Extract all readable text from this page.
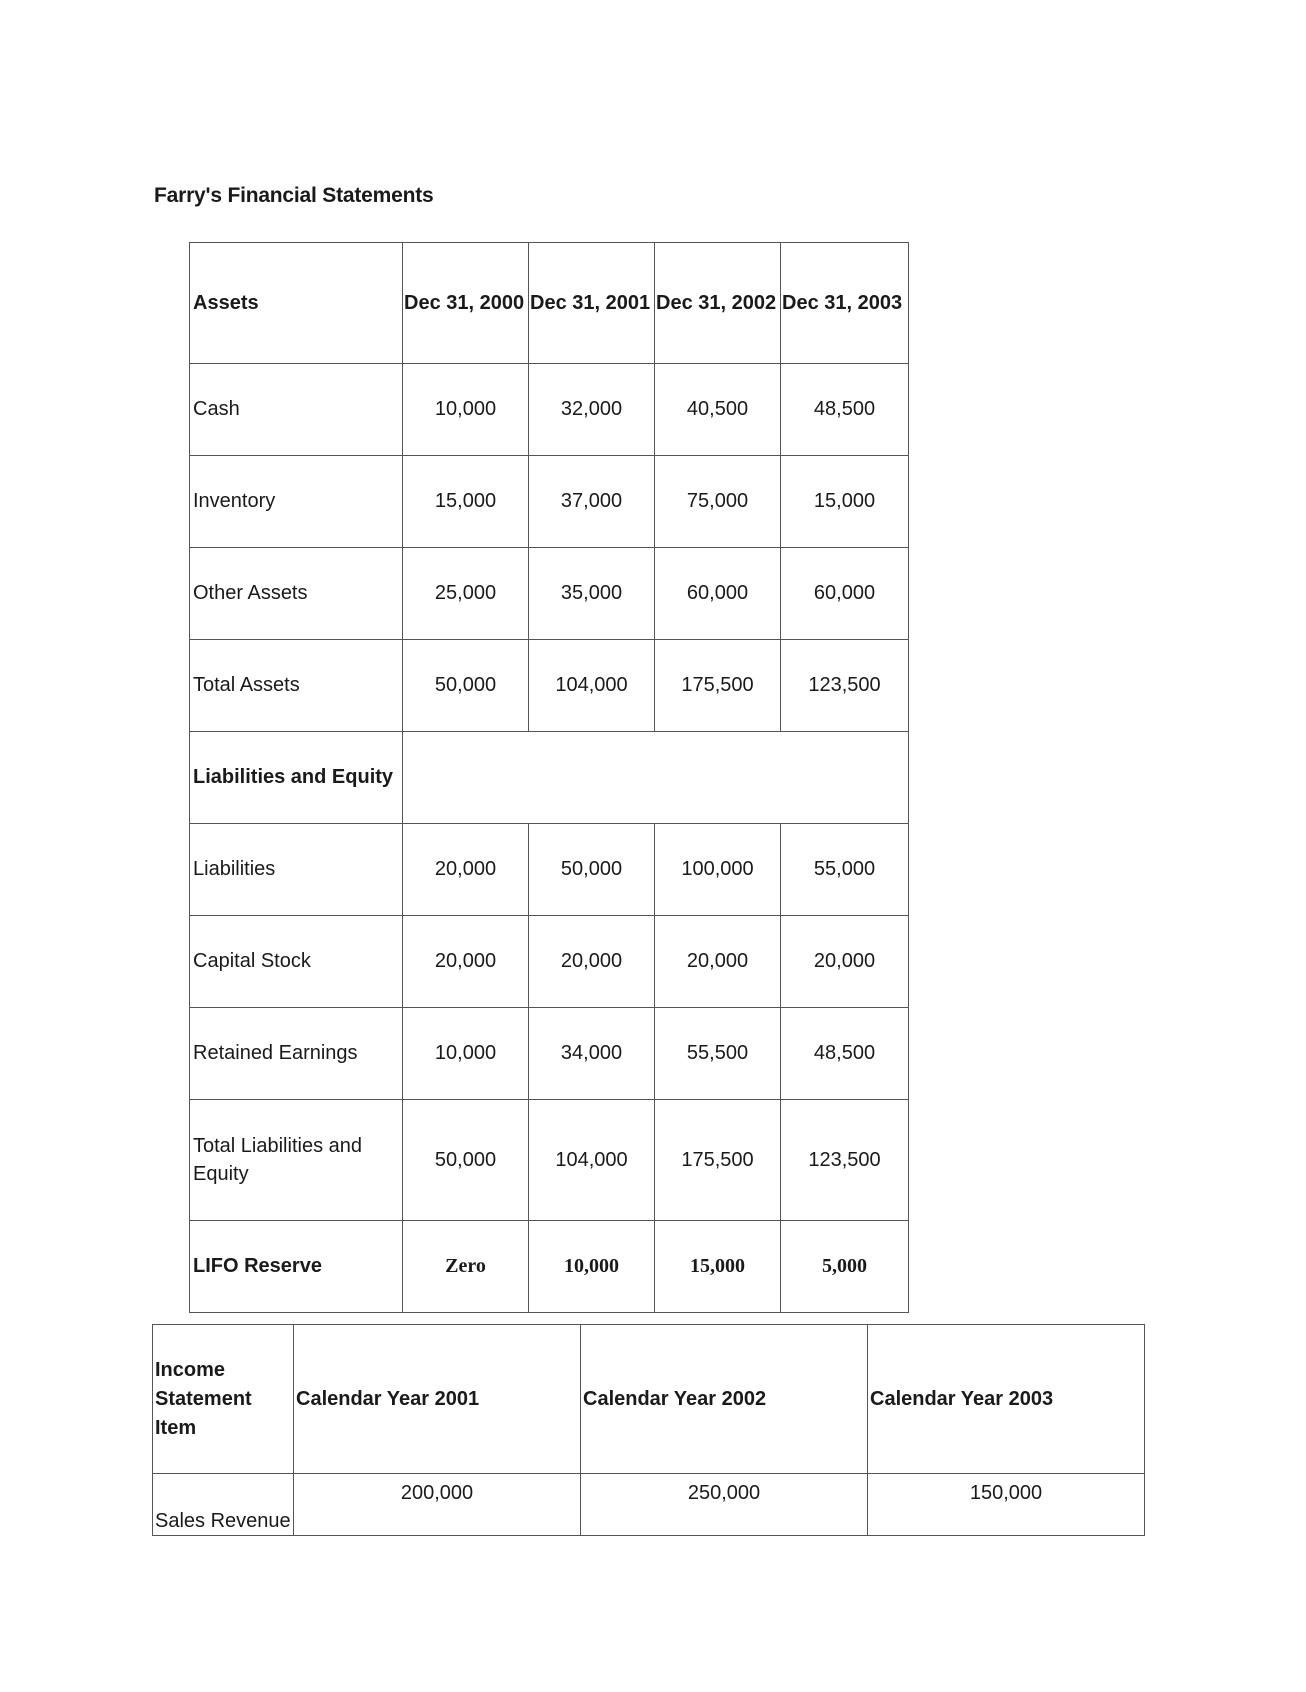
Farry's Financial Statements
Assets	Dec 31, 2000	Dec 31, 2001	Dec 31, 2002	Dec 31, 2003
Cash	10,000	32,000	40,500	48,500
Inventory	15,000	37,000	75,000	15,000
Other Assets	25,000	35,000	60,000	60,000
Total Assets	50,000	104,000	175,500	123,500
Liabilities and Equity				
Liabilities	20,000	50,000	100,000	55,000
Capital Stock	20,000	20,000	20,000	20,000
Retained Earnings	10,000	34,000	55,500	48,500
Total Liabilities and Equity	50,000	104,000	175,500	123,500
LIFO Reserve	Zero	10,000	15,000	5,000
Income Statement Item	Calendar Year 2001	Calendar Year 2002	Calendar Year 2003
Sales Revenue	200,000	250,000	150,000
